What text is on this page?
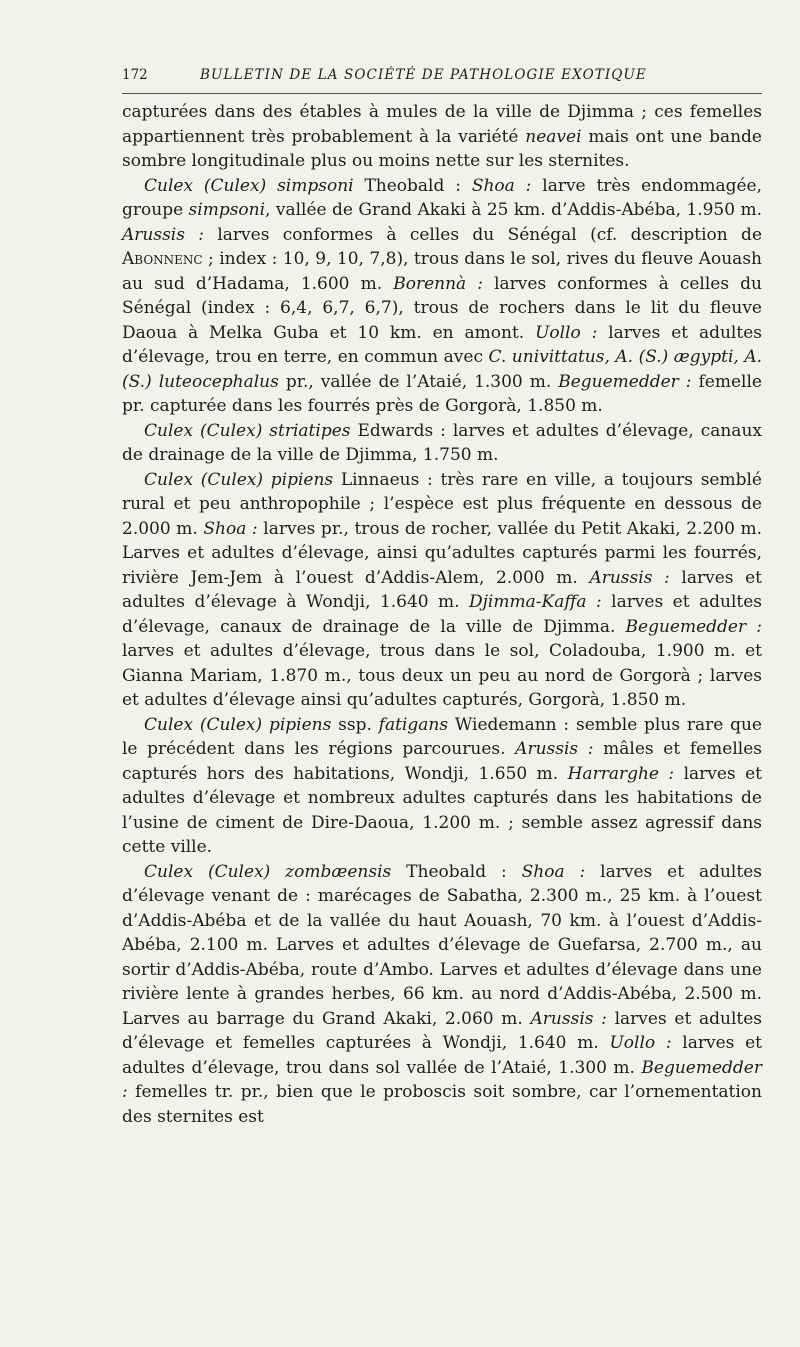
172	BULLETIN DE LA SOCIÉTÉ DE PATHOLOGIE EXOTIQUE

capturées dans des étables à mules de la ville de Djimma ; ces femelles appartiennent très probablement à la variété neavei mais ont une bande sombre longitudinale plus ou moins nette sur les sternites.

Culex (Culex) simpsoni Theobald : Shoa : larve très endommagée, groupe simpsoni, vallée de Grand Akaki à 25 km. d’Addis-Abéba, 1.950 m. Arussis : larves conformes à celles du Sénégal (cf. description de Abonnenc ; index : 10, 9, 10, 7,8), trous dans le sol, rives du fleuve Aouash au sud d’Hadama, 1.600 m. Borennà : larves conformes à celles du Sénégal (index : 6,4, 6,7, 6,7), trous de rochers dans le lit du fleuve Daoua à Melka Guba et 10 km. en amont. Uollo : larves et adultes d’élevage, trou en terre, en commun avec C. univittatus, A. (S.) ægypti, A. (S.) luteocephalus pr., vallée de l’Ataié, 1.300 m. Beguemedder : femelle pr. capturée dans les fourrés près de Gorgorà, 1.850 m.

Culex (Culex) striatipes Edwards : larves et adultes d’élevage, canaux de drainage de la ville de Djimma, 1.750 m.

Culex (Culex) pipiens Linnaeus : très rare en ville, a toujours semblé rural et peu anthropophile ; l’espèce est plus fréquente en dessous de 2.000 m. Shoa : larves pr., trous de rocher, vallée du Petit Akaki, 2.200 m. Larves et adultes d’élevage, ainsi qu’adultes capturés parmi les fourrés, rivière Jem-Jem à l’ouest d’Addis-Alem, 2.000 m. Arussis : larves et adultes d’élevage à Wondji, 1.640 m. Djimma-Kaffa : larves et adultes d’élevage, canaux de drainage de la ville de Djimma. Beguemedder : larves et adultes d’élevage, trous dans le sol, Coladouba, 1.900 m. et Gianna Mariam, 1.870 m., tous deux un peu au nord de Gorgorà ; larves et adultes d’élevage ainsi qu’adultes capturés, Gorgorà, 1.850 m.

Culex (Culex) pipiens ssp. fatigans Wiedemann : semble plus rare que le précédent dans les régions parcourues. Arussis : mâles et femelles capturés hors des habitations, Wondji, 1.650 m. Harrarghe : larves et adultes d’élevage et nombreux adultes capturés dans les habitations de l’usine de ciment de Dire-Daoua, 1.200 m. ; semble assez agressif dans cette ville.

Culex (Culex) zombæensis Theobald : Shoa : larves et adultes d’élevage venant de : marécages de Sabatha, 2.300 m., 25 km. à l’ouest d’Addis-Abéba et de la vallée du haut Aouash, 70 km. à l’ouest d’Addis-Abéba, 2.100 m. Larves et adultes d’élevage de Guefarsa, 2.700 m., au sortir d’Addis-Abéba, route d’Ambo. Larves et adultes d’élevage dans une rivière lente à grandes herbes, 66 km. au nord d’Addis-Abéba, 2.500 m. Larves au barrage du Grand Akaki, 2.060 m. Arussis : larves et adultes d’élevage et femelles capturées à Wondji, 1.640 m. Uollo : larves et adultes d’élevage, trou dans sol vallée de l’Ataié, 1.300 m. Beguemedder : femelles tr. pr., bien que le proboscis soit sombre, car l’ornementation des sternites est
